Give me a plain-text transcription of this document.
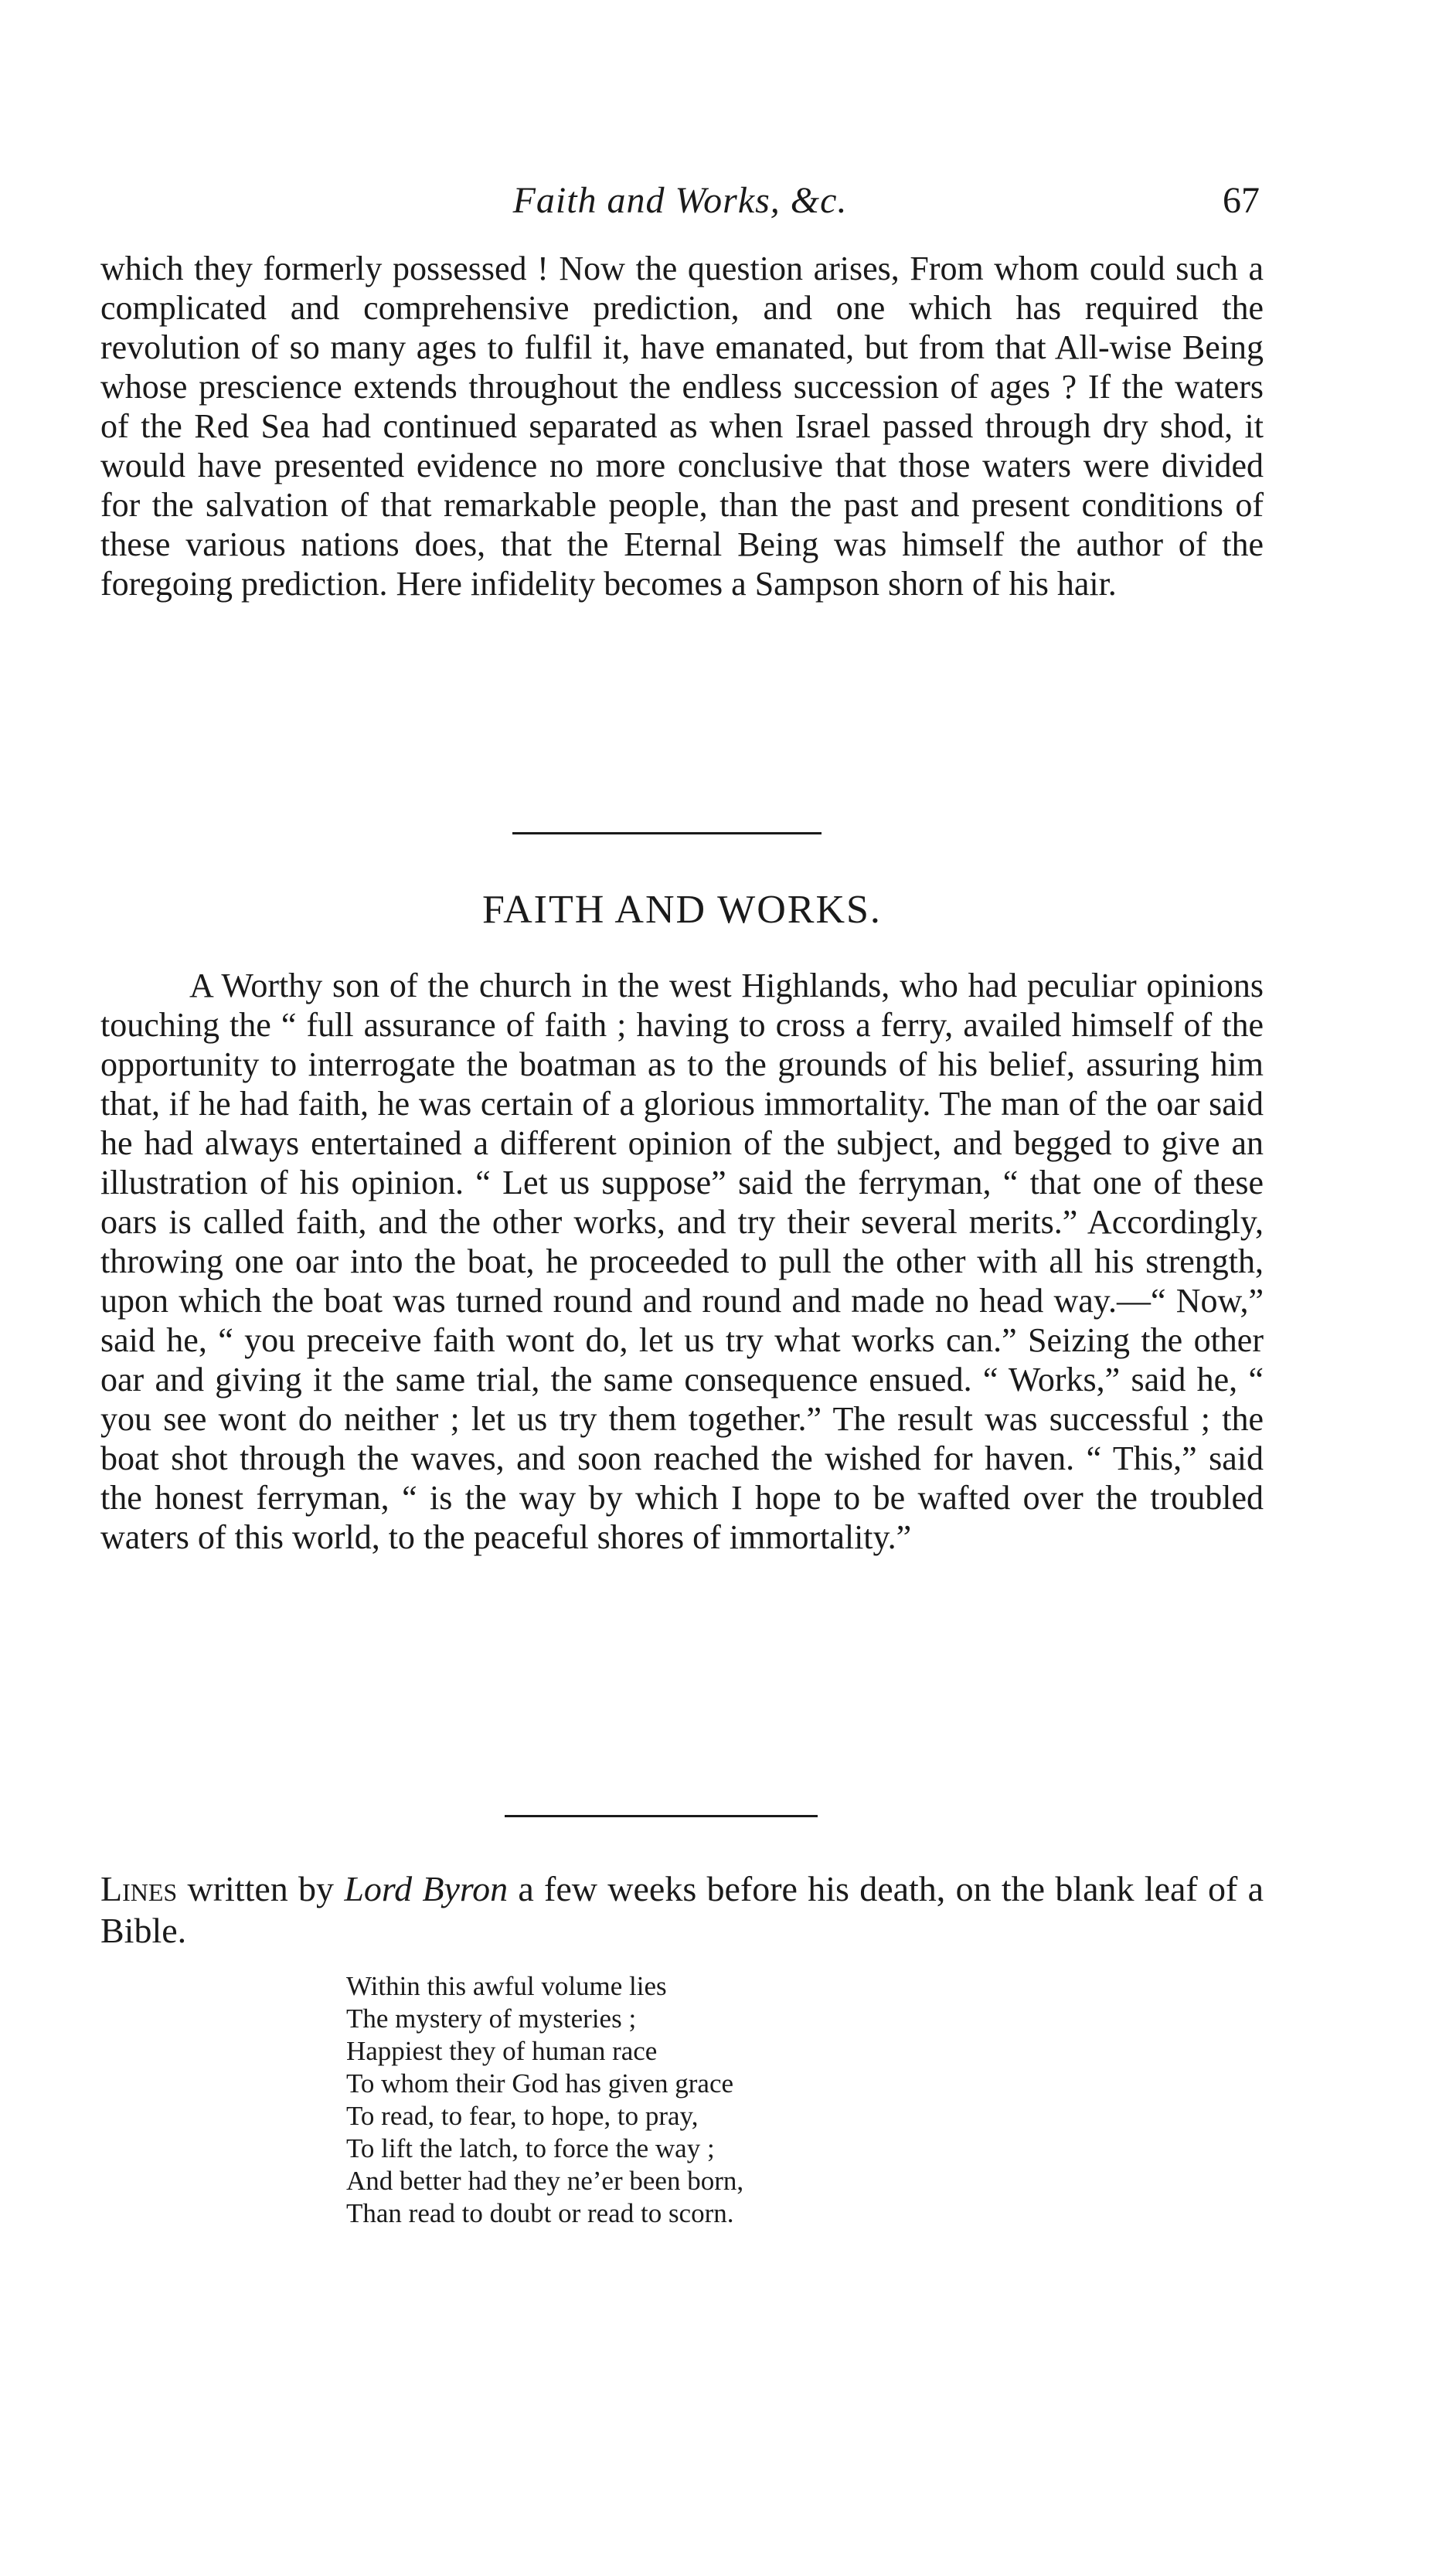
Faith and Works, &c.	67

which they formerly possessed ! Now the question arises, From whom could such a complicated and comprehensive prediction, and one which has required the revolution of so many ages to fulfil it, have emanated, but from that All-wise Being whose prescience extends throughout the endless succession of ages ? If the waters of the Red Sea had continued separated as when Israel passed through dry shod, it would have presented evidence no more conclusive that those waters were divided for the salvation of that remarkable people, than the past and present conditions of these various nations does, that the Eternal Being was himself the author of the foregoing prediction. Here infidelity becomes a Sampson shorn of his hair.

FAITH AND WORKS.

A Worthy son of the church in the west Highlands, who had peculiar opinions touching the “ full assurance of faith ; having to cross a ferry, availed himself of the opportunity to interrogate the boatman as to the grounds of his belief, assuring him that, if he had faith, he was certain of a glorious immortality. The man of the oar said he had always entertained a different opinion of the subject, and begged to give an illustration of his opinion. “ Let us suppose” said the ferryman, “ that one of these oars is called faith, and the other works, and try their several merits.” Accordingly, throwing one oar into the boat, he proceeded to pull the other with all his strength, upon which the boat was turned round and round and made no head way.—“ Now,” said he, “ you preceive faith wont do, let us try what works can.” Seizing the other oar and giving it the same trial, the same consequence ensued. “ Works,” said he, “ you see wont do neither ; let us try them together.” The result was successful ; the boat shot through the waves, and soon reached the wished for haven. “ This,” said the honest ferryman, “ is the way by which I hope to be wafted over the troubled waters of this world, to the peaceful shores of immortality.”

Lines written by Lord Byron a few weeks before his death, on the blank leaf of a Bible.

Within this awful volume lies
The mystery of mysteries ;
Happiest they of human race
To whom their God has given grace
To read, to fear, to hope, to pray,
To lift the latch, to force the way ;
And better had they ne’er been born,
Than read to doubt or read to scorn.
